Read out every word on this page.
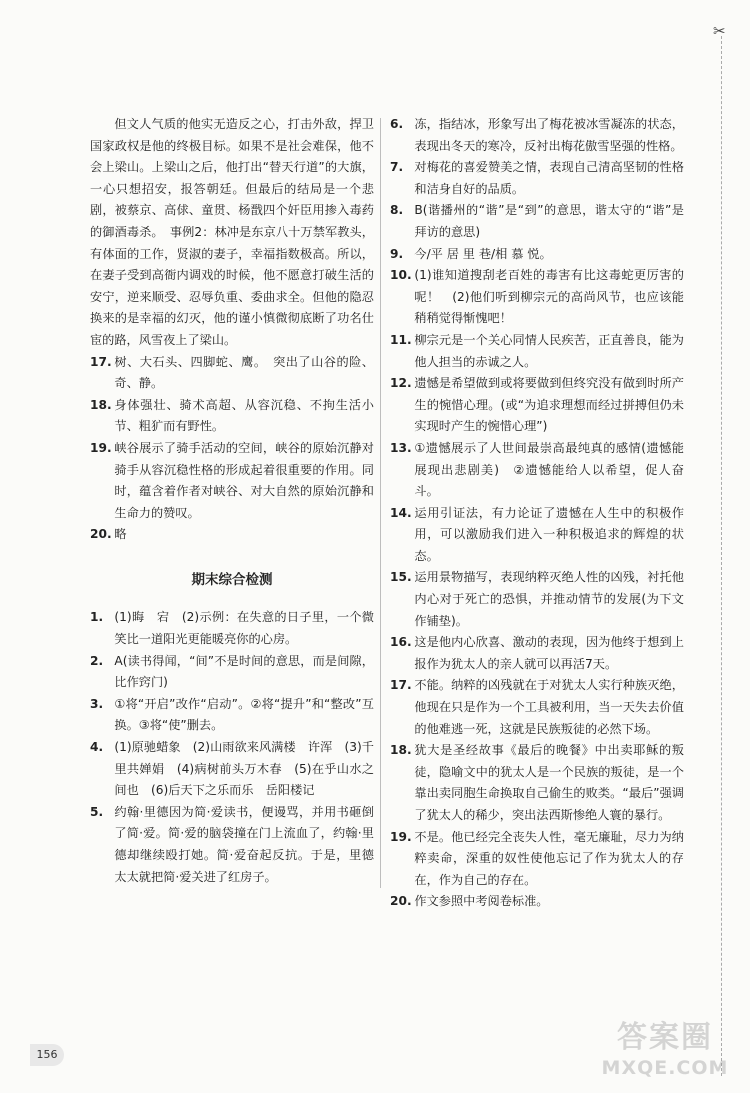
✂
但文人气质的他实无造反之心，打击外敌，捍卫国家政权是他的终极目标。如果不是社会难保，他不会上梁山。上梁山之后，他打出“替天行道”的大旗，一心只想招安，报答朝廷。但最后的结局是一个悲剧，被蔡京、高俅、童贯、杨戬四个奸臣用掺入毒药的御酒毒杀。　事例2：林冲是东京八十万禁军教头，有体面的工作，贤淑的妻子，幸福指数极高。所以，在妻子受到高衙内调戏的时候，他不愿意打破生活的安宁，逆来顺受、忍辱负重、委曲求全。但他的隐忍换来的是幸福的幻灭，他的谨小慎微彻底断了功名仕宦的路，风雪夜上了梁山。
17. 树、大石头、四脚蛇、鹰。　突出了山谷的险、奇、静。
18. 身体强壮、骑术高超、从容沉稳、不拘生活小节、粗犷而有野性。
19. 峡谷展示了骑手活动的空间，峡谷的原始沉静对骑手从容沉稳性格的形成起着很重要的作用。同时，蕴含着作者对峡谷、对大自然的原始沉静和生命力的赞叹。
20. 略
期末综合检测
1. (1)晦　宕　(2)示例：在失意的日子里，一个微笑比一道阳光更能暖亮你的心房。
2. A(读书得闻，“间”不是时间的意思，而是间隙，比作窍门)
3. ①将“开启”改作“启动”。②将“提升”和“整改”互换。③将“使”删去。
4. (1)原驰蜡象　(2)山雨欲来风满楼　许浑　(3)千里共婵娟　(4)病树前头万木春　(5)在乎山水之间也　(6)后天下之乐而乐　岳阳楼记
5. 约翰·里德因为简·爱读书，便谩骂，并用书砸倒了简·爱。简·爱的脑袋撞在门上流血了，约翰·里德却继续殴打她。简·爱奋起反抗。于是，里德太太就把简·爱关进了红房子。
6. 冻，指结冰，形象写出了梅花被冰雪凝冻的状态，表现出冬天的寒冷，反衬出梅花傲雪坚强的性格。
7. 对梅花的喜爱赞美之情，表现自己清高坚韧的性格和洁身自好的品质。
8. B(谐播州的“谐”是“到”的意思，谐太守的“谐”是拜访的意思)
9. 今/平 居 里 巷/相 慕 悦。
10. (1)谁知道搜刮老百姓的毒害有比这毒蛇更厉害的呢！　(2)他们听到柳宗元的高尚风节，也应该能稍稍觉得惭愧吧！
11. 柳宗元是一个关心同情人民疾苦，正直善良，能为他人担当的赤诚之人。
12. 遗憾是希望做到或将要做到但终究没有做到时所产生的惋惜心理。(或“为追求理想而经过拼搏但仍未实现时产生的惋惜心理”)
13. ①遗憾展示了人世间最崇高最纯真的感情(遗憾能展现出悲剧美)　②遗憾能给人以希望，促人奋斗。
14. 运用引证法，有力论证了遗憾在人生中的积极作用，可以激励我们进入一种积极追求的辉煌的状态。
15. 运用景物描写，表现纳粹灭绝人性的凶残，衬托他内心对于死亡的恐惧，并推动情节的发展(为下文作铺垫)。
16. 这是他内心欣喜、激动的表现，因为他终于想到上报作为犹太人的亲人就可以再活7天。
17. 不能。纳粹的凶残就在于对犹太人实行种族灭绝，他现在只是作为一个工具被利用，当一天失去价值的他难逃一死，这就是民族叛徒的必然下场。
18. 犹大是圣经故事《最后的晚餐》中出卖耶稣的叛徒，隐喻文中的犹太人是一个民族的叛徒，是一个靠出卖同胞生命换取自己偷生的败类。“最后”强调了犹太人的稀少，突出法西斯惨绝人寰的暴行。
19. 不是。他已经完全丧失人性，毫无廉耻，尽力为纳粹卖命，深重的奴性使他忘记了作为犹太人的存在，作为自己的存在。
20. 作文参照中考阅卷标准。
156	答案圈
MXQE.COM
